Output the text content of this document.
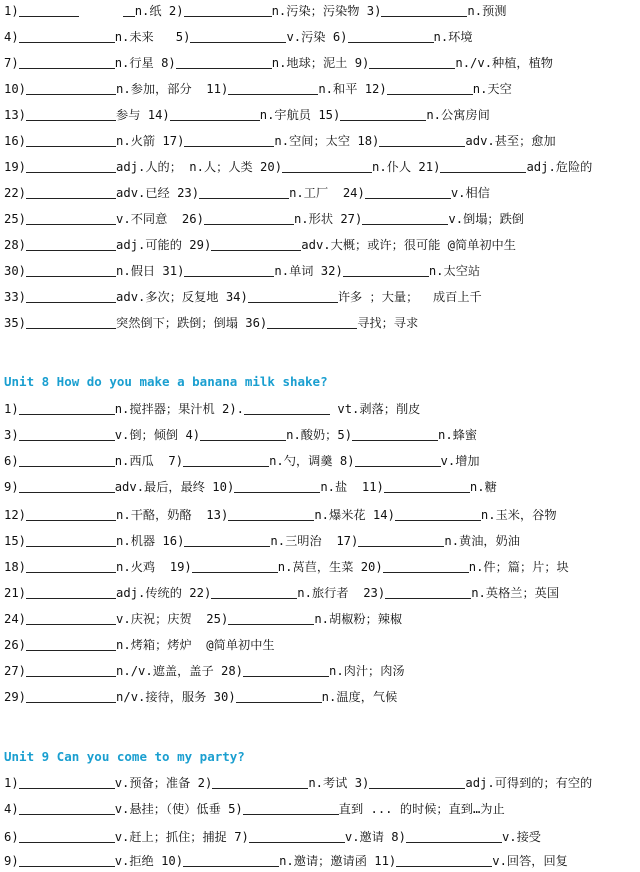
1)	n.纸 2)	n.污染；污染物 3)	n.预测
4)	n.未来   5)	v.污染 6)	n.环境
7)	n.行星 8)	n.地球；泥土 9)	n./v.种植，植物
10)	n.参加，部分  11)	n.和平 12)	n.天空
13)	参与 14)	n.宇航员 15)	n.公寓房间
16)	n.火箭 17)	n.空间；太空 18)	adv.甚至；愈加
19)	adj.人的； n.人；人类 20)	n.仆人 21)	adj.危险的
22)	adv.已经 23)	n.工厂  24)	v.相信
25)	v.不同意  26)	n.形状 27)	v.倒塌；跌倒
28)	adj.可能的 29)	adv.大概；或许；很可能 @简单初中生
30)	n.假日 31)	n.单词 32)	n.太空站
33)	adv.多次；反复地 34)	许多 ；大量；  成百上千
35)	突然倒下；跌倒；倒塌 36)	寻找；寻求
Unit 8 How do you make a banana milk shake?
1)	n.搅拌器；果汁机 2).	vt.剥落；削皮
3)	v.倒；倾倒 4)	n.酸奶；5)	n.蜂蜜
6)	n.西瓜  7)	n.勺，调羹 8)	v.增加
9)	adv.最后，最终 10)	n.盐  11)	n.糖
12)	n.干酪，奶酪  13)	n.爆米花 14)	n.玉米，谷物
15)	n.机器 16)	n.三明治  17)	n.黄油，奶油
18)	n.火鸡  19)	n.莴苣，生菜 20)	n.件；篇；片；块
21)	adj.传统的 22)	n.旅行者  23)	n.英格兰；英国
24)	v.庆祝；庆贺  25)	n.胡椒粉；辣椒
26)	n.烤箱；烤炉  @简单初中生
27)	n./v.遮盖，盖子 28)	n.肉汁；肉汤
29)	n/v.接待，服务 30)	n.温度，气候
Unit 9 Can you come to my party?
1)	v.预备；准备 2)	n.考试 3)	adj.可得到的；有空的
4)	v.悬挂；（使）低垂 5)	直到 ... 的时候；直到…为止
6)	v.赶上；抓住；捕捉 7)	v.邀请 8)	v.接受
9)	v.拒绝 10)	n.邀请；邀请函 11)	v.回答，回复
